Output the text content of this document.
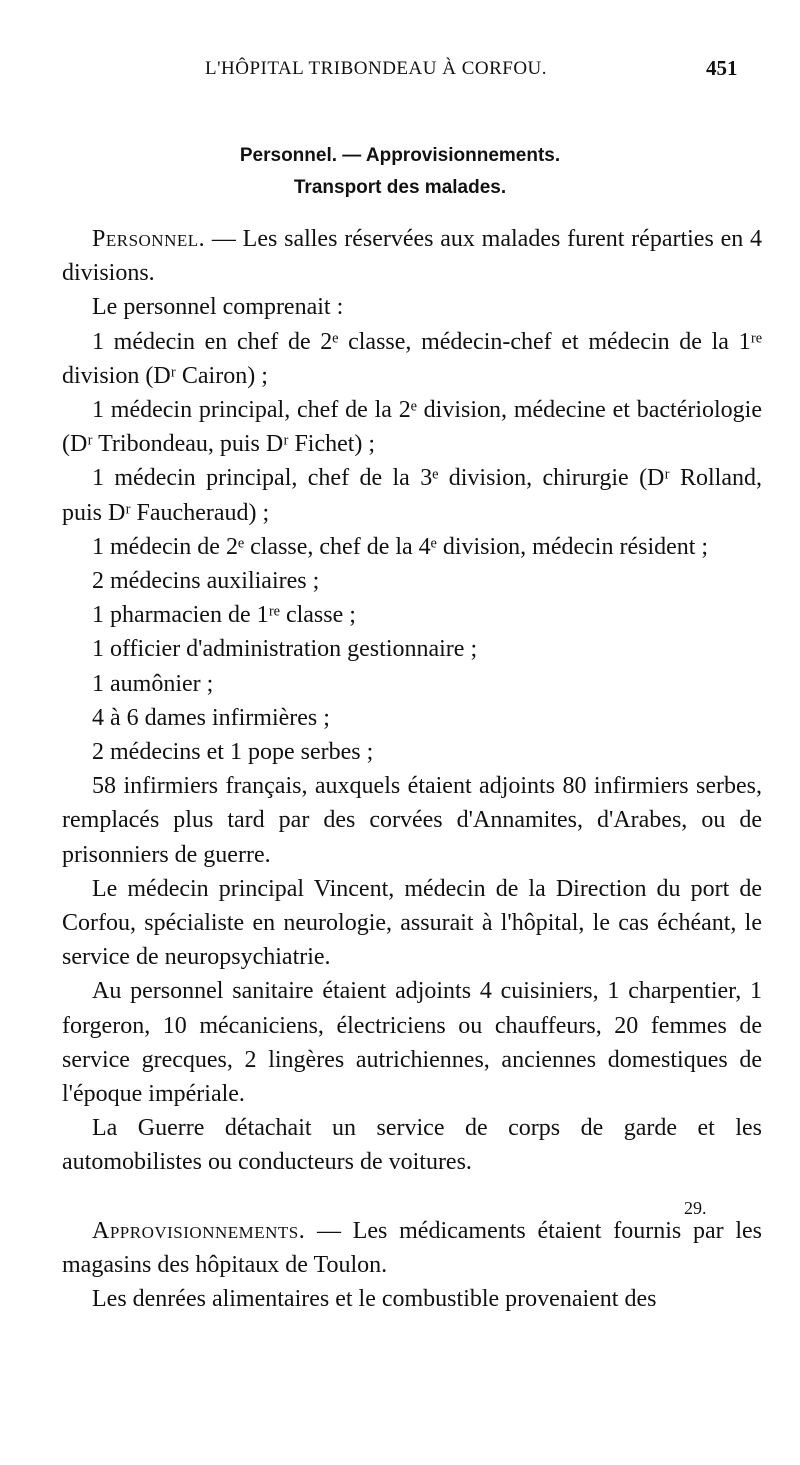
L'HÔPITAL TRIBONDEAU À CORFOU.	451
Personnel. — Approvisionnements.
Transport des malades.

Personnel. — Les salles réservées aux malades furent réparties en 4 divisions.

Le personnel comprenait :

1 médecin en chef de 2ᵉ classe, médecin-chef et médecin de la 1ʳᵉ division (Dʳ Cairon) ;

1 médecin principal, chef de la 2ᵉ division, médecine et bactériologie (Dʳ Tribondeau, puis Dʳ Fichet) ;

1 médecin principal, chef de la 3ᵉ division, chirurgie (Dʳ Rolland, puis Dʳ Faucheraud) ;

1 médecin de 2ᵉ classe, chef de la 4ᵉ division, médecin résident ;

2 médecins auxiliaires ;

1 pharmacien de 1ʳᵉ classe ;

1 officier d'administration gestionnaire ;

1 aumônier ;

4 à 6 dames infirmières ;

2 médecins et 1 pope serbes ;

58 infirmiers français, auxquels étaient adjoints 80 infirmiers serbes, remplacés plus tard par des corvées d'Annamites, d'Arabes, ou de prisonniers de guerre.

Le médecin principal Vincent, médecin de la Direction du port de Corfou, spécialiste en neurologie, assurait à l'hôpital, le cas échéant, le service de neuropsychiatrie.

Au personnel sanitaire étaient adjoints 4 cuisiniers, 1 charpentier, 1 forgeron, 10 mécaniciens, électriciens ou chauffeurs, 20 femmes de service grecques, 2 lingères autrichiennes, anciennes domestiques de l'époque impériale.

La Guerre détachait un service de corps de garde et les automobilistes ou conducteurs de voitures.

Approvisionnements. — Les médicaments étaient fournis par les magasins des hôpitaux de Toulon.

Les denrées alimentaires et le combustible provenaient des

29.
